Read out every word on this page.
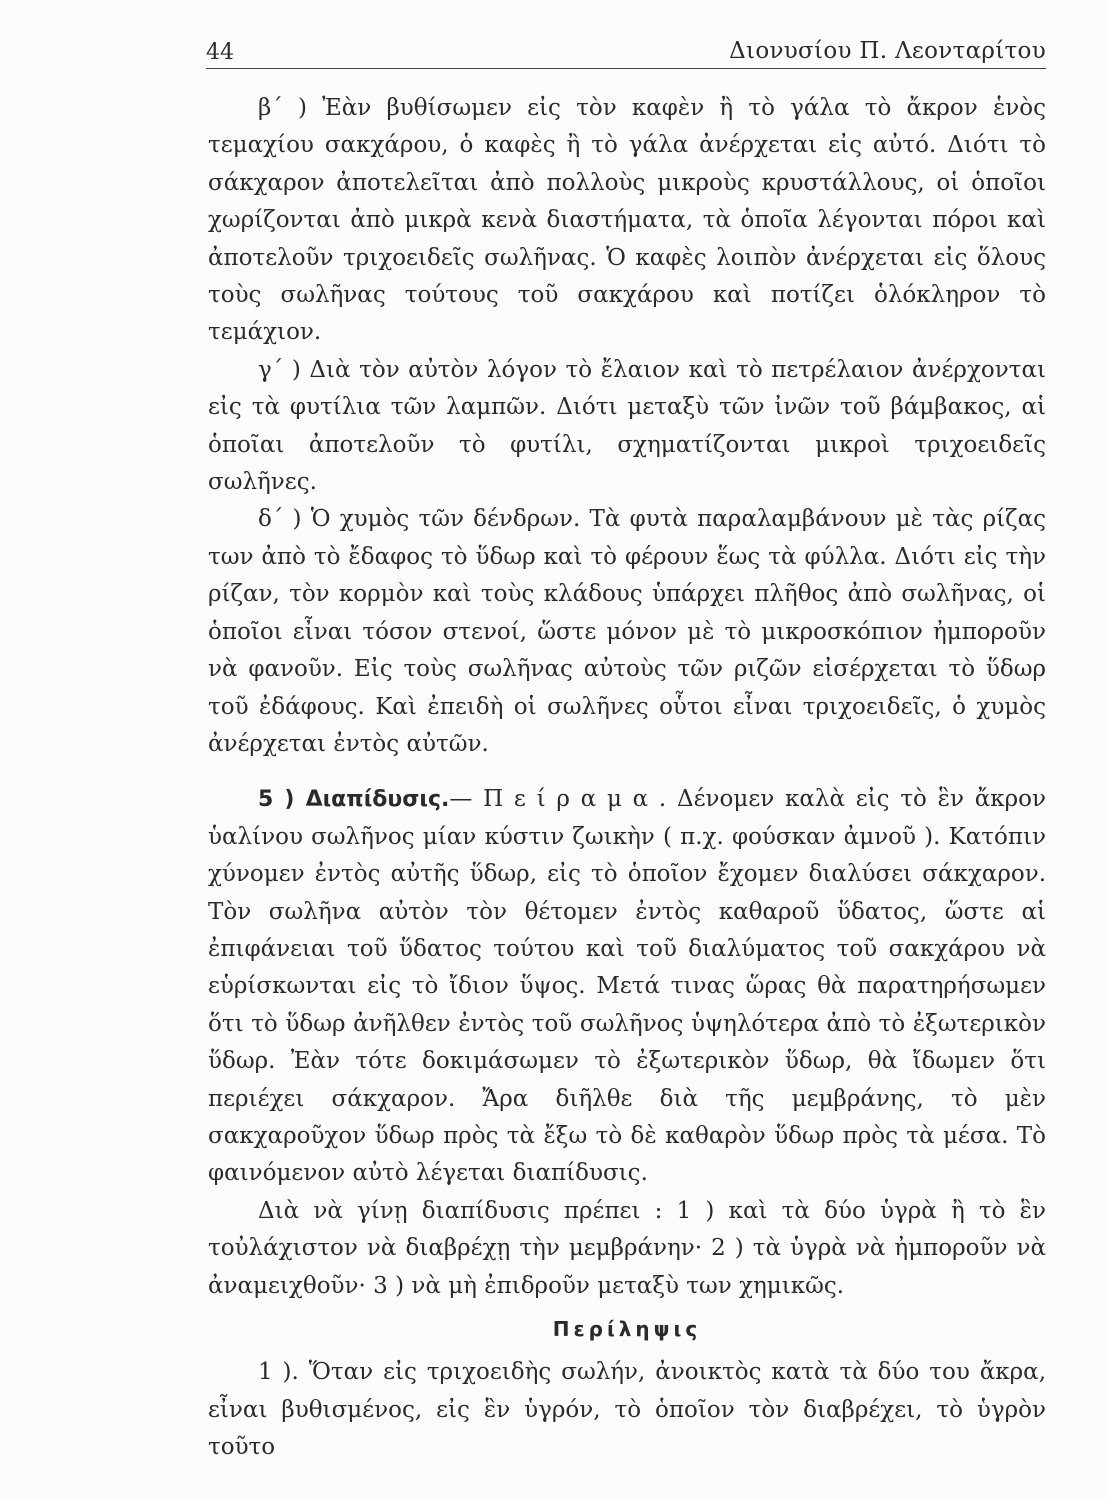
44	Διονυσίου Π. Λεονταρίτου

β΄ ) Ἐὰν βυθίσωμεν εἰς τὸν καφὲν ἢ τὸ γάλα τὸ ἄκρον ἑνὸς τεμαχίου σακχάρου, ὁ καφὲς ἢ τὸ γάλα ἀνέρχεται εἰς αὐτό. Διότι τὸ σάκχαρον ἀποτελεῖται ἀπὸ πολλοὺς μικροὺς κρυστάλλους, οἱ ὁποῖοι χωρίζονται ἀπὸ μικρὰ κενὰ διαστήματα, τὰ ὁποῖα λέγονται πόροι καὶ ἀποτελοῦν τριχοειδεῖς σωλῆνας. Ὁ καφὲς λοιπὸν ἀνέρχεται εἰς ὅλους τοὺς σωλῆνας τούτους τοῦ σακχάρου καὶ ποτίζει ὁλόκληρον τὸ τεμάχιον.

γ΄ ) Διὰ τὸν αὐτὸν λόγον τὸ ἔλαιον καὶ τὸ πετρέλαιον ἀνέρχονται εἰς τὰ φυτίλια τῶν λαμπῶν. Διότι μεταξὺ τῶν ἰνῶν τοῦ βάμβακος, αἱ ὁποῖαι ἀποτελοῦν τὸ φυτίλι, σχηματίζονται μικροὶ τριχοειδεῖς σωλῆνες.

δ΄ ) Ὁ χυμὸς τῶν δένδρων. Τὰ φυτὰ παραλαμβάνουν μὲ τὰς ρίζας των ἀπὸ τὸ ἔδαφος τὸ ὕδωρ καὶ τὸ φέρουν ἕως τὰ φύλλα. Διότι εἰς τὴν ρίζαν, τὸν κορμὸν καὶ τοὺς κλάδους ὑπάρχει πλῆθος ἀπὸ σωλῆνας, οἱ ὁποῖοι εἶναι τόσον στενοί, ὥστε μόνον μὲ τὸ μικροσκόπιον ἠμποροῦν νὰ φανοῦν. Εἰς τοὺς σωλῆνας αὐτοὺς τῶν ριζῶν εἰσέρχεται τὸ ὕδωρ τοῦ ἐδάφους. Καὶ ἐπειδὴ οἱ σωλῆνες οὗτοι εἶναι τριχοειδεῖς, ὁ χυμὸς ἀνέρχεται ἐντὸς αὐτῶν.

5 ) Διαπίδυσις.— Π ε ί ρ α μ α . Δένομεν καλὰ εἰς τὸ ἓν ἄκρον ὑαλίνου σωλῆνος μίαν κύστιν ζωικὴν ( π.χ. φούσκαν ἀμνοῦ ). Κατόπιν χύνομεν ἐντὸς αὐτῆς ὕδωρ, εἰς τὸ ὁποῖον ἔχομεν διαλύσει σάκχαρον. Τὸν σωλῆνα αὐτὸν τὸν θέτομεν ἐντὸς καθαροῦ ὕδατος, ὥστε αἱ ἐπιφάνειαι τοῦ ὕδατος τούτου καὶ τοῦ διαλύματος τοῦ σακχάρου νὰ εὑρίσκωνται εἰς τὸ ἴδιον ὕψος. Μετά τινας ὥρας θὰ παρατηρήσωμεν ὅτι τὸ ὕδωρ ἀνῆλθεν ἐντὸς τοῦ σωλῆνος ὑψηλότερα ἀπὸ τὸ ἐξωτερικὸν ὕδωρ. Ἐὰν τότε δοκιμάσωμεν τὸ ἐξωτερικὸν ὕδωρ, θὰ ἴδωμεν ὅτι περιέχει σάκχαρον. Ἄρα διῆλθε διὰ τῆς μεμβράνης, τὸ μὲν σακχαροῦχον ὕδωρ πρὸς τὰ ἔξω τὸ δὲ καθαρὸν ὕδωρ πρὸς τὰ μέσα. Τὸ φαινόμενον αὐτὸ λέγεται διαπίδυσις.

Διὰ νὰ γίνῃ διαπίδυσις πρέπει : 1 ) καὶ τὰ δύο ὑγρὰ ἢ τὸ ἓν τοὐλάχιστον νὰ διαβρέχῃ τὴν μεμβράνην· 2 ) τὰ ὑγρὰ νὰ ἠμποροῦν νὰ ἀναμειχθοῦν· 3 ) νὰ μὴ ἐπιδροῦν μεταξὺ των χημικῶς.

Περίληψις

1 ). Ὅταν εἰς τριχοειδὴς σωλήν, ἀνοικτὸς κατὰ τὰ δύο του ἄκρα, εἶναι βυθισμένος, εἰς ἓν ὑγρόν, τὸ ὁποῖον τὸν διαβρέχει, τὸ ὑγρὸν τοῦτο
